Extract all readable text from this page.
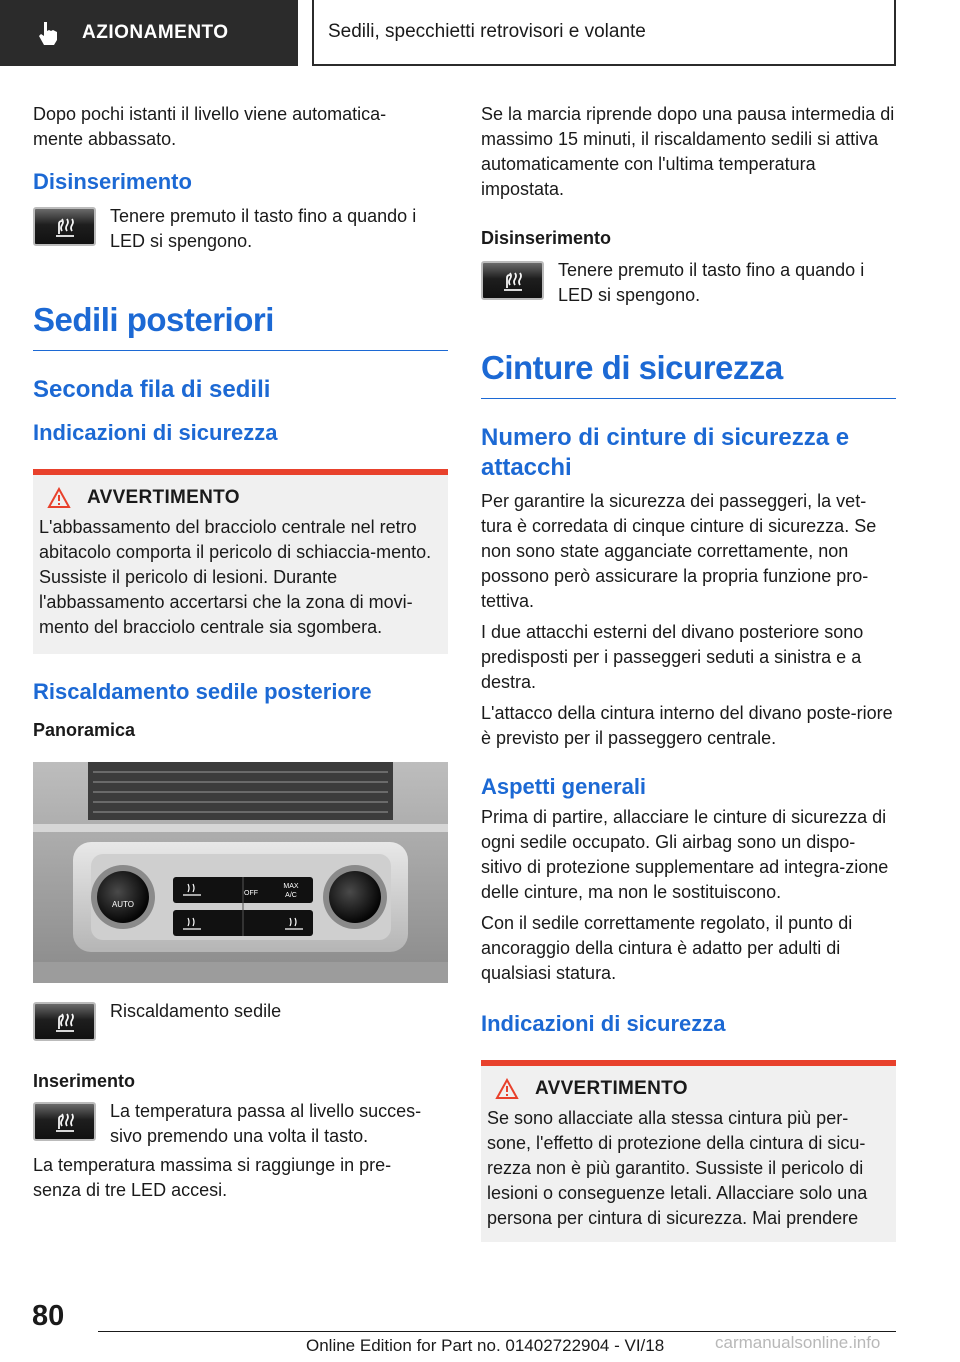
AZIONAMENTO	Sedili, specchietti retrovisori e volante

Dopo pochi istanti il livello viene automatica-mente abbassato.

Disinserimento

Tenere premuto il tasto fino a quando i LED si spengono.

Sedili posteriori
Seconda fila di sedili
Indicazioni di sicurezza
AVVERTIMENTO

L'abbassamento del bracciolo centrale nel retro abitacolo comporta il pericolo di schiaccia-mento. Sussiste il pericolo di lesioni. Durante l'abbassamento accertarsi che la zona di movi-mento del bracciolo centrale sia sgombera.

Riscaldamento sedile posteriore
Panoramica
AUTO
OFF
MAX
A/C

Riscaldamento sedile

Inserimento

La temperatura passa al livello succes-sivo premendo una volta il tasto.

La temperatura massima si raggiunge in pre-senza di tre LED accesi.

Se la marcia riprende dopo una pausa intermedia di massimo 15 minuti, il riscaldamento sedili si attiva automaticamente con l'ultima temperatura impostata.

Disinserimento

Tenere premuto il tasto fino a quando i LED si spengono.

Cinture di sicurezza
Numero di cinture di sicurezza e attacchi

Per garantire la sicurezza dei passeggeri, la vet-tura è corredata di cinque cinture di sicurezza. Se non sono state agganciate correttamente, non possono però assicurare la propria funzione pro-tettiva.

I due attacchi esterni del divano posteriore sono predisposti per i passeggeri seduti a sinistra e a destra.

L'attacco della cintura interno del divano poste-riore è previsto per il passeggero centrale.

Aspetti generali

Prima di partire, allacciare le cinture di sicurezza di ogni sedile occupato. Gli airbag sono un dispo-sitivo di protezione supplementare ad integra-zione delle cinture, ma non le sostituiscono.

Con il sedile correttamente regolato, il punto di ancoraggio della cintura è adatto per adulti di qualsiasi statura.

Indicazioni di sicurezza
AVVERTIMENTO

Se sono allacciate alla stessa cintura più per-sone, l'effetto di protezione della cintura di sicu-rezza non è più garantito. Sussiste il pericolo di lesioni o conseguenze letali. Allacciare solo una persona per cintura di sicurezza. Mai prendere

80
Online Edition for Part no. 01402722904 - VI/18	carmanualsonline.info
